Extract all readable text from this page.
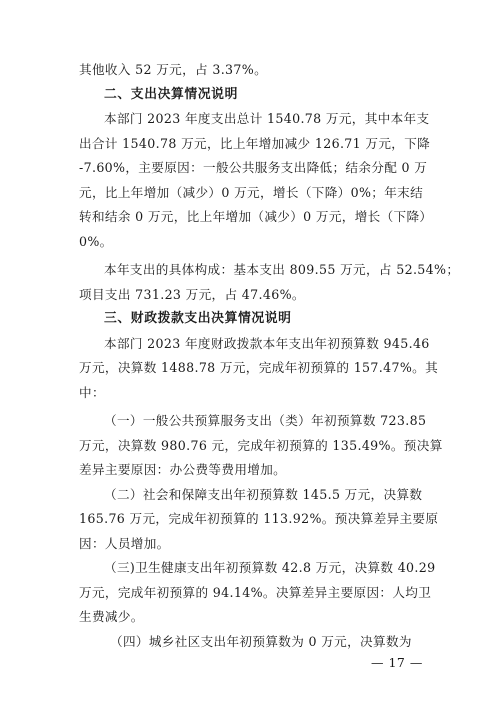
其他收入 52 万元，占 3.37%。
二、支出决算情况说明
本部门 2023 年度支出总计 1540.78 万元，其中本年支
出合计 1540.78 万元，比上年增加减少 126.71 万元，下降
-7.60%，主要原因：一般公共服务支出降低；结余分配 0 万
元，比上年增加（减少）0 万元，增长（下降）0%；年末结
转和结余 0 万元，比上年增加（减少）0 万元，增长（下降）
0%。
本年支出的具体构成：基本支出 809.55 万元，占 52.54%；
项目支出 731.23 万元，占 47.46%。
三、财政拨款支出决算情况说明
本部门 2023 年度财政拨款本年支出年初预算数 945.46
万元，决算数 1488.78 万元，完成年初预算的 157.47%。其
中：
（一）一般公共预算服务支出（类）年初预算数 723.85
万元，决算数 980.76 元，完成年初预算的 135.49%。预决算
差异主要原因：办公费等费用增加。
（二）社会和保障支出年初预算数 145.5 万元，决算数
165.76 万元，完成年初预算的 113.92%。预决算差异主要原
因：人员增加。
（三)卫生健康支出年初预算数 42.8 万元，决算数 40.29
万元，完成年初预算的 94.14%。决算差异主要原因：人均卫
生费减少。
（四）城乡社区支出年初预算数为 0 万元，决算数为
— 17 —
